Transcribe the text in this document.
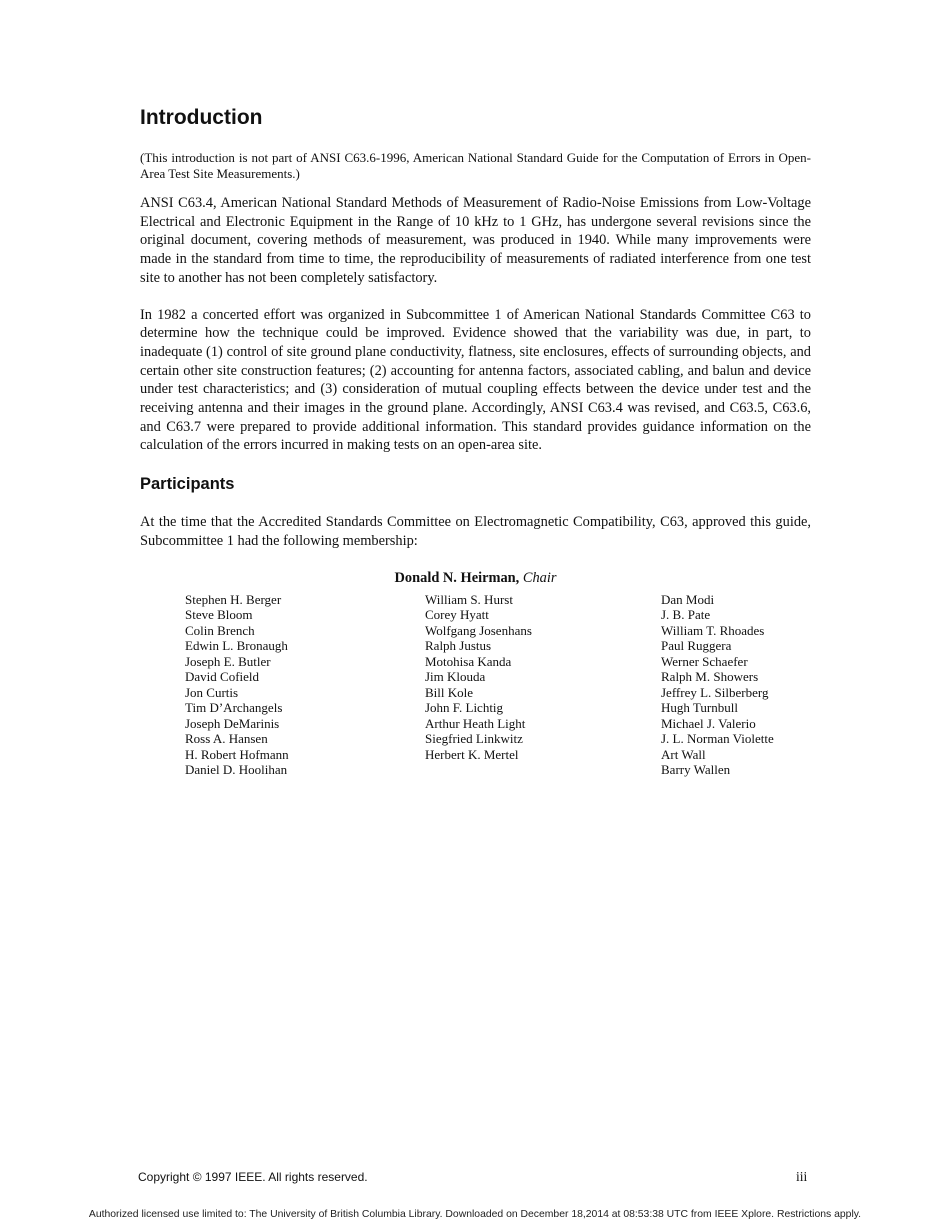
Introduction

(This introduction is not part of ANSI C63.6-1996, American National Standard Guide for the Computation of Errors in Open-Area Test Site Measurements.)

ANSI C63.4, American National Standard Methods of Measurement of Radio-Noise Emissions from Low-Voltage Electrical and Electronic Equipment in the Range of 10 kHz to 1 GHz, has undergone several revisions since the original document, covering methods of measurement, was produced in 1940. While many improvements were made in the standard from time to time, the reproducibility of measurements of radiated interference from one test site to another has not been completely satisfactory.

In 1982 a concerted effort was organized in Subcommittee 1 of American National Standards Committee C63 to determine how the technique could be improved. Evidence showed that the variability was due, in part, to inadequate (1) control of site ground plane conductivity, flatness, site enclosures, effects of surrounding objects, and certain other site construction features; (2) accounting for antenna factors, associated cabling, and balun and device under test characteristics; and (3) consideration of mutual coupling effects between the device under test and the receiving antenna and their images in the ground plane. Accordingly, ANSI C63.4 was revised, and C63.5, C63.6, and C63.7 were prepared to provide additional information. This standard provides guidance information on the calculation of the errors incurred in making tests on an open-area site.

Participants

At the time that the Accredited Standards Committee on Electromagnetic Compatibility, C63, approved this guide, Subcommittee 1 had the following membership:

Donald N. Heirman, Chair
Stephen H. Berger
Steve Bloom
Colin Brench
Edwin L. Bronaugh
Joseph E. Butler
David Cofield
Jon Curtis
Tim D’Archangels
Joseph DeMarinis
Ross A. Hansen
H. Robert Hofmann
Daniel D. Hoolihan
William S. Hurst
Corey Hyatt
Wolfgang Josenhans
Ralph Justus
Motohisa Kanda
Jim Klouda
Bill Kole
John F. Lichtig
Arthur Heath Light
Siegfried Linkwitz
Herbert K. Mertel
Dan Modi
J. B. Pate
William T. Rhoades
Paul Ruggera
Werner Schaefer
Ralph M. Showers
Jeffrey L. Silberberg
Hugh Turnbull
Michael J. Valerio
J. L. Norman Violette
Art Wall
Barry Wallen
Copyright © 1997 IEEE. All rights reserved.	iii
Authorized licensed use limited to: The University of British Columbia Library. Downloaded on December 18,2014 at 08:53:38 UTC from IEEE Xplore. Restrictions apply.
